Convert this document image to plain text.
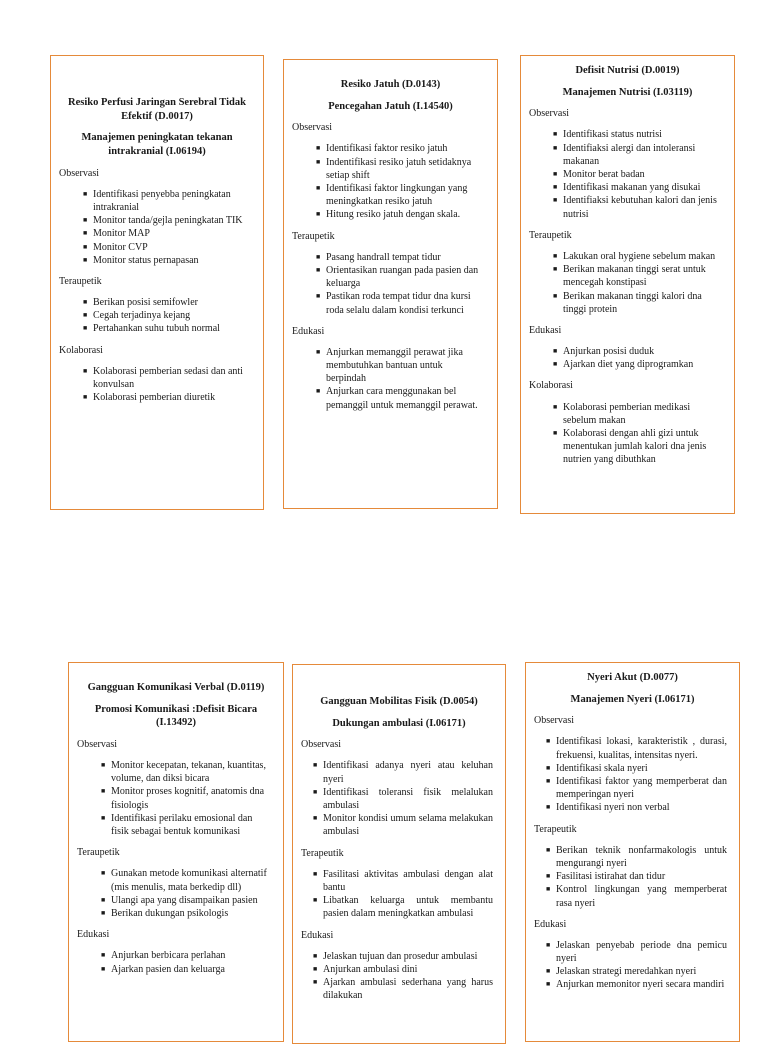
Resiko Perfusi Jaringan Serebral Tidak Efektif (D.0017)
Manajemen peningkatan tekanan intrakranial (I.06194)
Observasi
■ Identifikasi penyebba peningkatan intrakranial
■ Monitor tanda/gejla peningkatan TIK
■ Monitor MAP
■ Monitor CVP
■ Monitor status pernapasan
Teraupetik
■ Berikan posisi semifowler
■ Cegah terjadinya kejang
■ Pertahankan suhu tubuh normal
Kolaborasi
■ Kolaborasi pemberian sedasi dan anti konvulsan
■ Kolaborasi pemberian diuretik
Resiko Jatuh (D.0143)
Pencegahan Jatuh (I.14540)
Observasi
■ Identifikasi faktor resiko jatuh
■ Indentifikasi resiko jatuh setidaknya setiap shift
■ Identifikasi faktor lingkungan yang meningkatkan resiko jatuh
■ Hitung resiko jatuh dengan skala.
Teraupetik
■ Pasang handrall tempat tidur
■ Orientasikan ruangan pada pasien dan keluarga
■ Pastikan roda tempat tidur dna kursi roda selalu dalam kondisi terkunci
Edukasi
■ Anjurkan memanggil perawat jika membutuhkan bantuan untuk berpindah
■ Anjurkan cara menggunakan bel pemanggil untuk memanggil perawat.
Defisit Nutrisi (D.0019)
Manajemen Nutrisi (I.03119)
Observasi
■ Identifikasi status nutrisi
■ Identifiaksi alergi dan intoleransi makanan
■ Monitor berat badan
■ Identifikasi makanan yang disukai
■ Identifiaksi kebutuhan kalori dan jenis nutrisi
Teraupetik
■ Lakukan oral hygiene sebelum makan
■ Berikan makanan tinggi serat untuk mencegah konstipasi
■ Berikan makanan tinggi kalori dna tinggi protein
Edukasi
■ Anjurkan posisi duduk
■ Ajarkan diet yang diprogramkan
Kolaborasi
■ Kolaborasi pemberian medikasi sebelum makan
■ Kolaborasi dengan ahli gizi untuk menentukan jumlah kalori dna jenis nutrien yang dibuthkan
Gangguan Komunikasi Verbal (D.0119)
Promosi Komunikasi :Defisit Bicara (I.13492)
Observasi
■ Monitor kecepatan, tekanan, kuantitas, volume, dan diksi bicara
■ Monitor proses kognitif, anatomis dna fisiologis
■ Identifikasi perilaku emosional dan fisik sebagai bentuk komunikasi
Teraupetik
■ Gunakan metode komunikasi alternatif (mis menulis, mata berkedip dll)
■ Ulangi apa yang disampaikan pasien
■ Berikan dukungan psikologis
Edukasi
■ Anjurkan berbicara perlahan
■ Ajarkan pasien dan keluarga
Gangguan Mobilitas Fisik (D.0054)
Dukungan ambulasi (I.06171)
Observasi
■ Identifikasi adanya nyeri atau keluhan nyeri
■ Identifikasi toleransi fisik melalukan ambulasi
■ Monitor kondisi umum selama melakukan ambulasi
Terapeutik
■ Fasilitasi aktivitas ambulasi dengan alat bantu
■ Libatkan keluarga untuk membantu pasien dalam meningkatkan ambulasi
Edukasi
■ Jelaskan tujuan dan prosedur ambulasi
■ Anjurkan ambulasi dini
■ Ajarkan ambulasi sederhana yang harus dilakukan
Nyeri Akut (D.0077)
Manajemen Nyeri (I.06171)
Observasi
■ Identifikasi lokasi, karakteristik , durasi, frekuensi, kualitas, intensitas nyeri.
■ Identifikasi skala nyeri
■ Identifikasi faktor yang memperberat dan memperingan nyeri
■ Identifikasi nyeri non verbal
Terapeutik
■ Berikan teknik nonfarmakologis untuk mengurangi nyeri
■ Fasilitasi istirahat dan tidur
■ Kontrol lingkungan yang memperberat rasa nyeri
Edukasi
■ Jelaskan penyebab periode dna pemicu nyeri
■ Jelaskan strategi meredahkan nyeri
■ Anjurkan memonitor nyeri secara mandiri
